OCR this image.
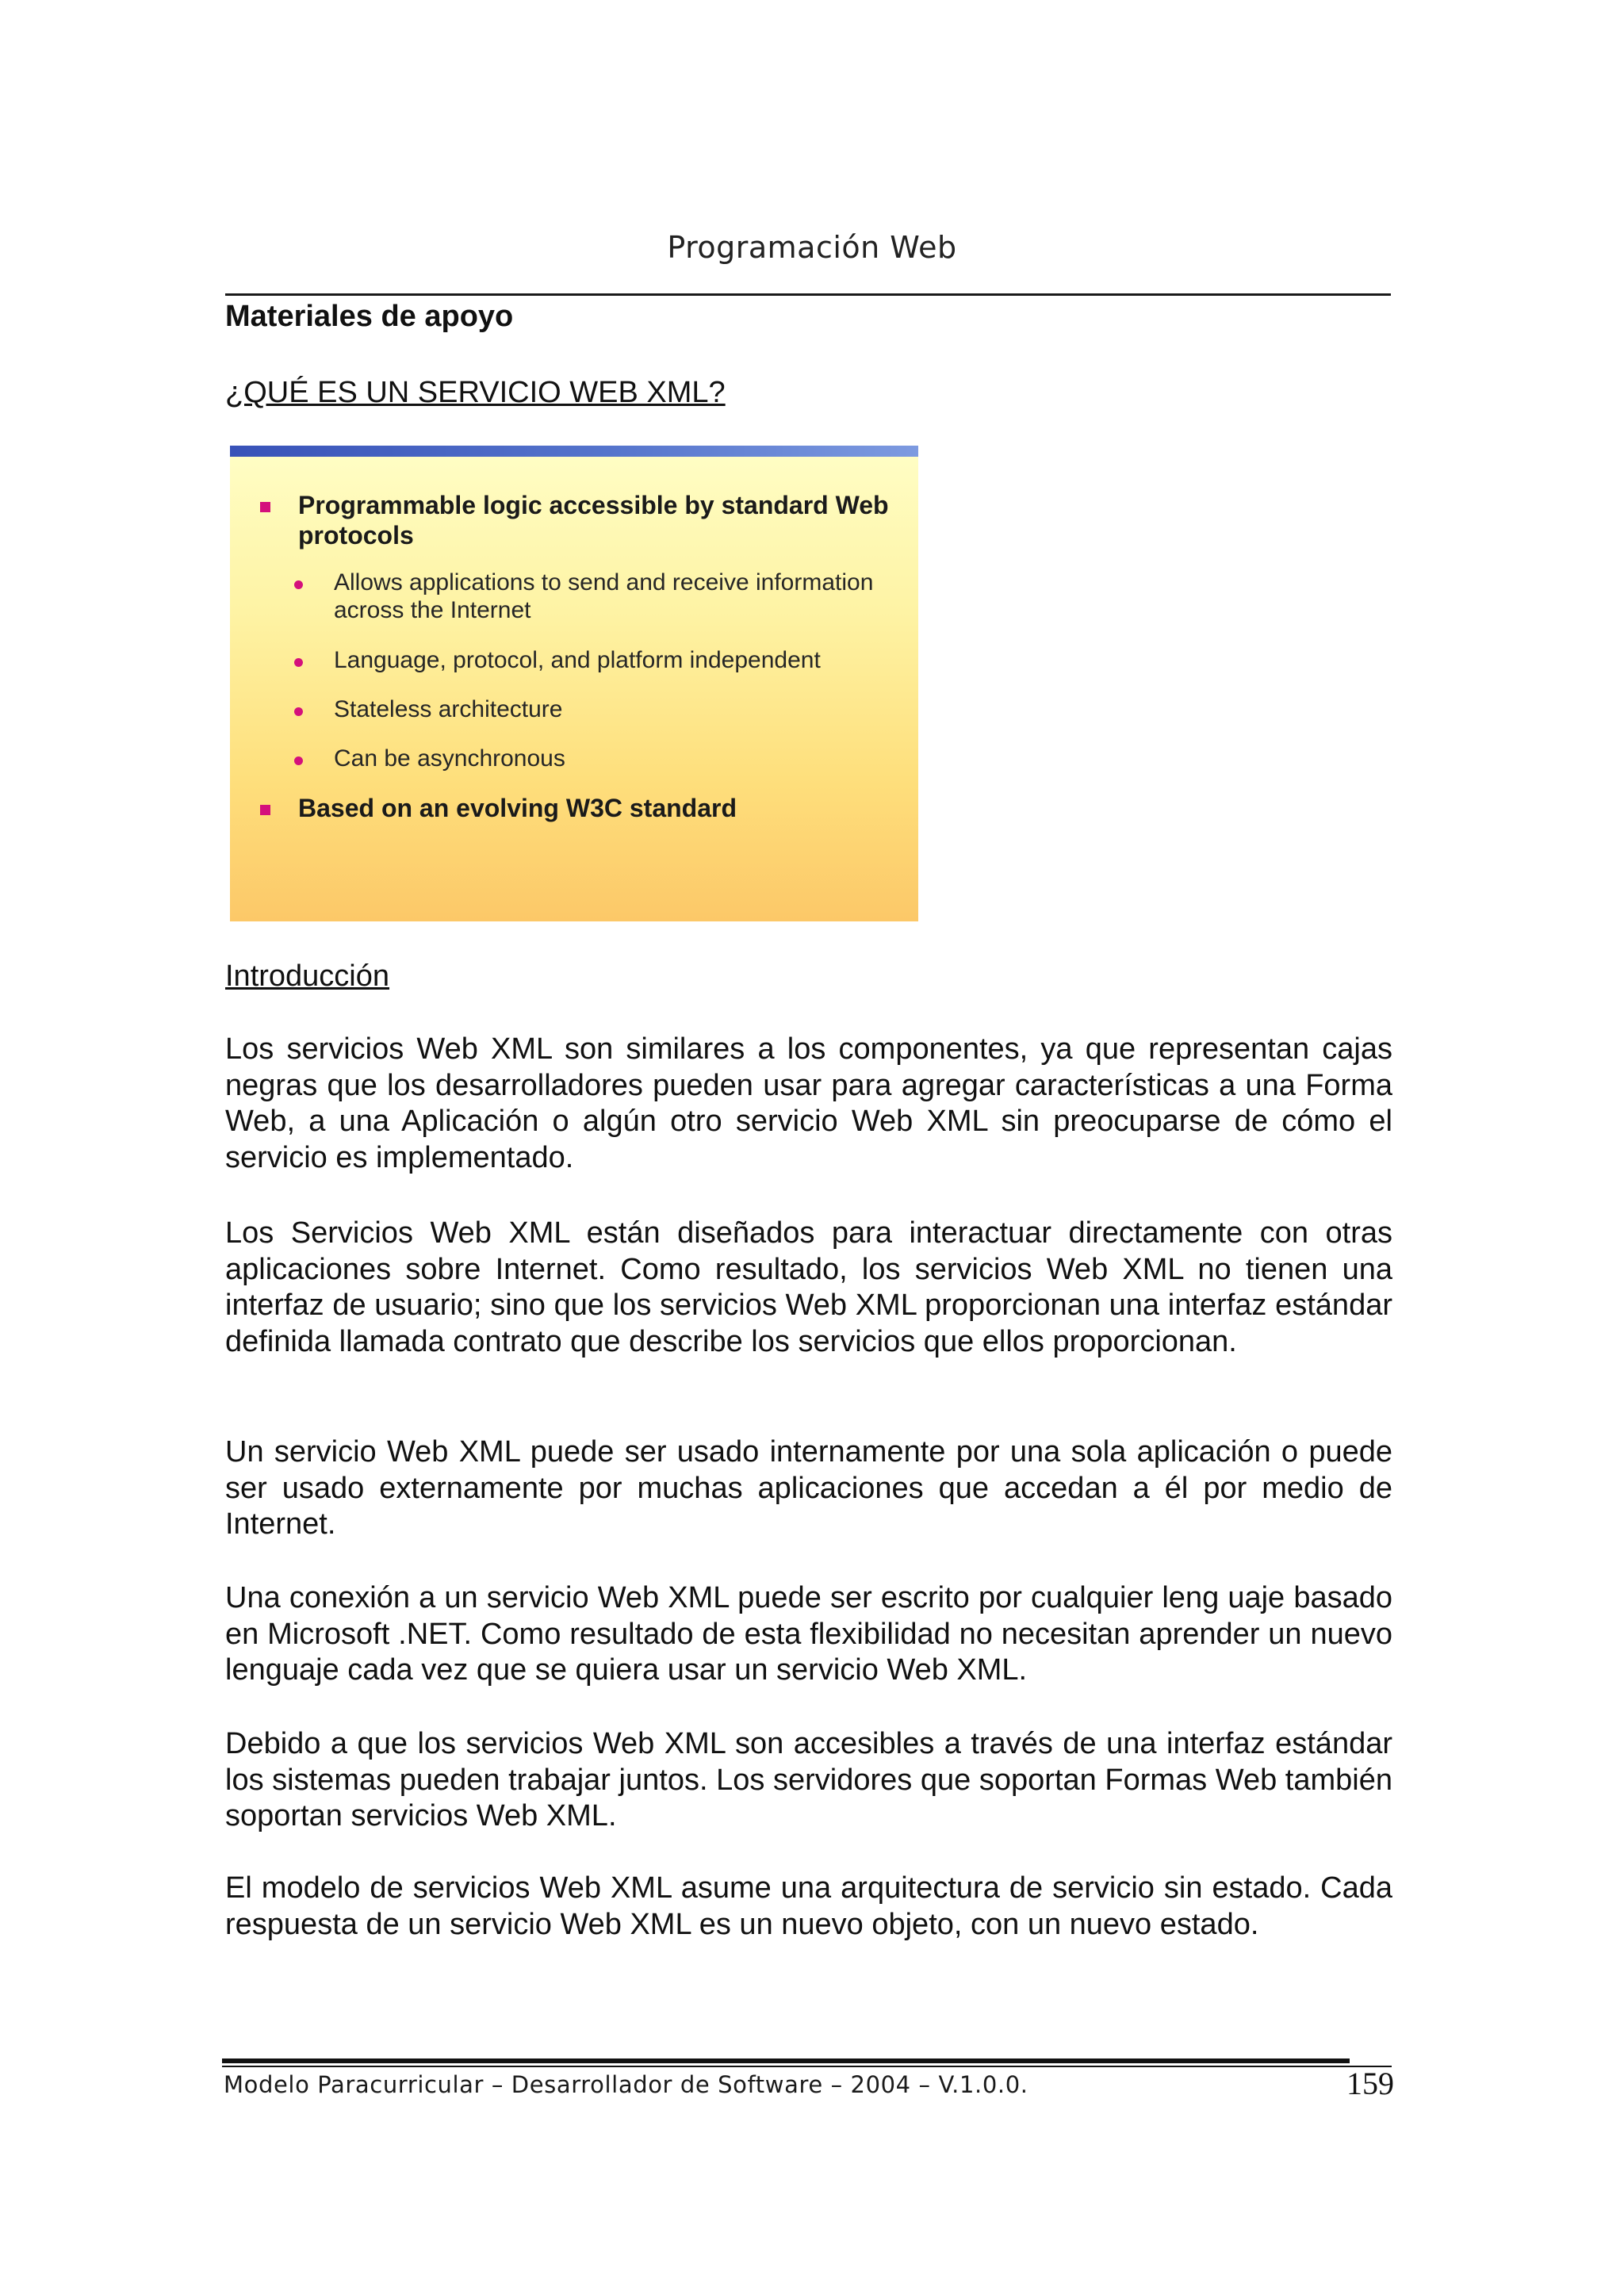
Programación Web
Materiales de apoyo
¿QUÉ ES UN SERVICIO WEB XML?
Programmable logic accessible by standard Web
protocols
Allows applications to send and receive information
across the Internet
Language, protocol, and platform independent
Stateless architecture
Can be asynchronous
Based on an evolving W3C standard
Introducción

Los servicios Web XML son similares a los componentes, ya que representan cajas negras que los desarrolladores pueden usar para agregar características a una Forma Web, a una Aplicación o algún otro servicio Web XML sin preocuparse de cómo el servicio es implementado.

Los Servicios Web XML están diseñados para interactuar directamente con otras aplicaciones sobre Internet. Como resultado, los servicios Web XML no tienen una interfaz de usuario; sino que los servicios Web XML proporcionan una interfaz estándar definida llamada contrato que describe los servicios que ellos proporcionan.

Un servicio Web XML puede ser usado internamente por una sola aplicación o puede ser usado externamente por muchas aplicaciones que accedan a él por medio de Internet.

Una conexión a un servicio Web XML puede ser escrito por cualquier leng uaje basado en Microsoft .NET. Como resultado de esta flexibilidad no necesitan aprender un nuevo lenguaje cada vez que se quiera usar un servicio Web XML.

Debido a que los servicios Web XML son accesibles a través de una interfaz estándar los sistemas pueden trabajar juntos. Los servidores que soportan Formas Web también soportan servicios Web XML.

El modelo de servicios Web XML asume una arquitectura de servicio sin estado. Cada respuesta de un servicio Web XML es un nuevo objeto, con un nuevo estado.

Modelo Paracurricular – Desarrollador de Software – 2004 – V.1.0.0.	159
